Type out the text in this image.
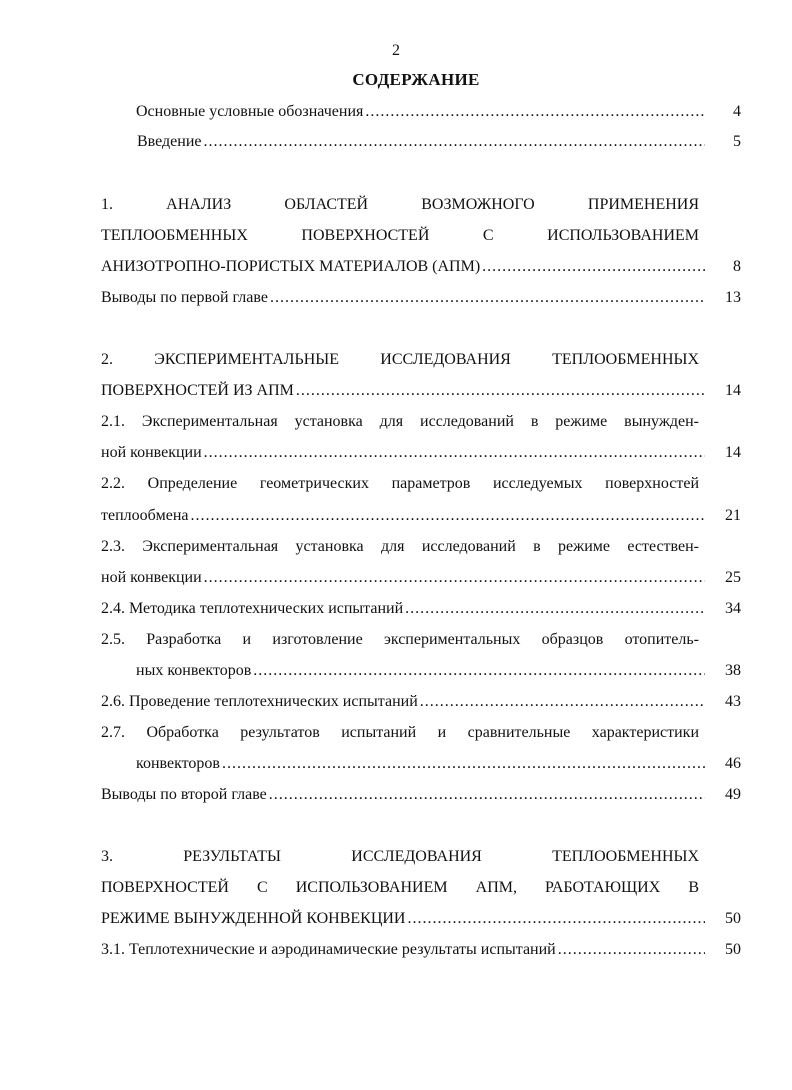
2
СОДЕРЖАНИЕ
Основные условные обозначения .....	4
Введение .....	5
1. АНАЛИЗ ОБЛАСТЕЙ ВОЗМОЖНОГО ПРИМЕНЕНИЯ
ТЕПЛООБМЕННЫХ ПОВЕРХНОСТЕЙ С ИСПОЛЬЗОВАНИЕМ
АНИЗОТРОПНО-ПОРИСТЫХ МАТЕРИАЛОВ (АПМ) .....	8
Выводы по первой главе .....	13
2. ЭКСПЕРИМЕНТАЛЬНЫЕ ИССЛЕДОВАНИЯ ТЕПЛООБМЕННЫХ
ПОВЕРХНОСТЕЙ ИЗ АПМ .....	14
2.1. Экспериментальная установка для исследований в режиме вынужден-
ной конвекции .....	14
2.2. Определение геометрических параметров исследуемых поверхностей
теплообмена .....	21
2.3. Экспериментальная установка для исследований в режиме естествен-
ной конвекции .....	25
2.4. Методика теплотехнических испытаний .....	34
2.5. Разработка и изготовление экспериментальных образцов отопитель-
ных конвекторов .....	38
2.6. Проведение теплотехнических испытаний .....	43
2.7. Обработка результатов испытаний и сравнительные характеристики
конвекторов .....	46
Выводы по второй главе .....	49
3. РЕЗУЛЬТАТЫ ИССЛЕДОВАНИЯ ТЕПЛООБМЕННЫХ
ПОВЕРХНОСТЕЙ С ИСПОЛЬЗОВАНИЕМ АПМ, РАБОТАЮЩИХ В
РЕЖИМЕ ВЫНУЖДЕННОЙ КОНВЕКЦИИ .....	50
3.1. Теплотехнические и аэродинамические результаты испытаний .....	50
